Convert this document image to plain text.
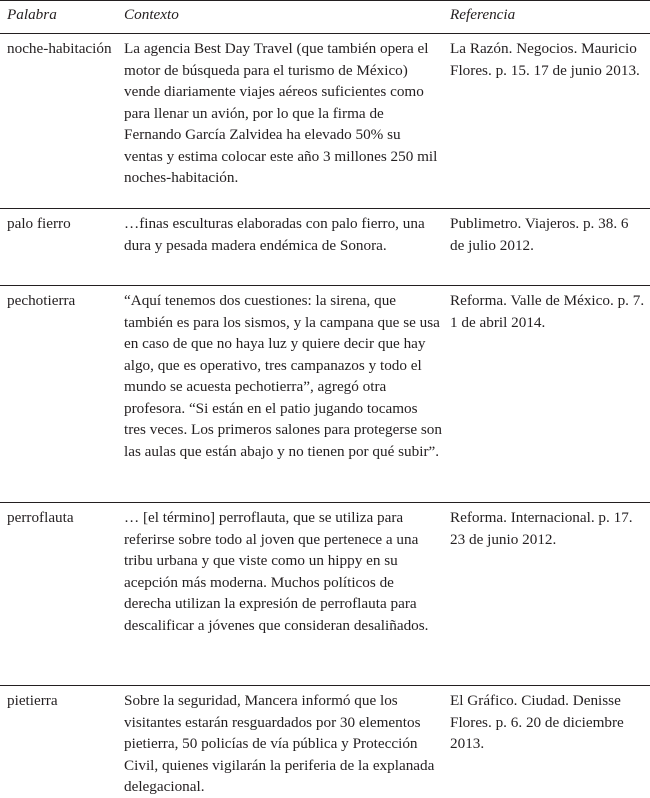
Palabra	Contexto	Referencia
noche-habitación	La agencia Best Day Travel (que también opera el motor de búsqueda para el turismo de México) vende diariamente viajes aéreos suficientes como para llenar un avión, por lo que la firma de Fernando García Zalvidea ha elevado 50% su ventas y estima colocar este año 3 millones 250 mil noches-habitación.	La Razón. Negocios. Mauricio Flores. p. 15. 17 de junio 2013.
palo fierro	…finas esculturas elaboradas con palo fierro, una dura y pesada madera endémica de Sonora.	Publimetro. Viajeros. p. 38. 6 de julio 2012.
pechotierra	“Aquí tenemos dos cuestiones: la sirena, que también es para los sismos, y la campana que se usa en caso de que no haya luz y quiere decir que hay algo, que es operativo, tres campanazos y todo el mundo se acuesta pechotierra”, agregó otra profesora. “Si están en el patio jugando tocamos tres veces. Los primeros salones para protegerse son las aulas que están abajo y no tienen por qué subir”.	Reforma. Valle de México. p. 7. 1 de abril 2014.
perroflauta	… [el término] perroflauta, que se utiliza para referirse sobre todo al joven que pertenece a una tribu urbana y que viste como un hippy en su acepción más moderna. Muchos políticos de derecha utilizan la expresión de perroflauta para descalificar a jóvenes que consideran desaliñados.	Reforma. Internacional. p. 17. 23 de junio 2012.
pietierra	Sobre la seguridad, Mancera informó que los visitantes estarán resguardados por 30 elementos pietierra, 50 policías de vía pública y Protección Civil, quienes vigilarán la periferia de la explanada delegacional.	El Gráfico. Ciudad. Denisse Flores. p. 6. 20 de diciembre 2013.
